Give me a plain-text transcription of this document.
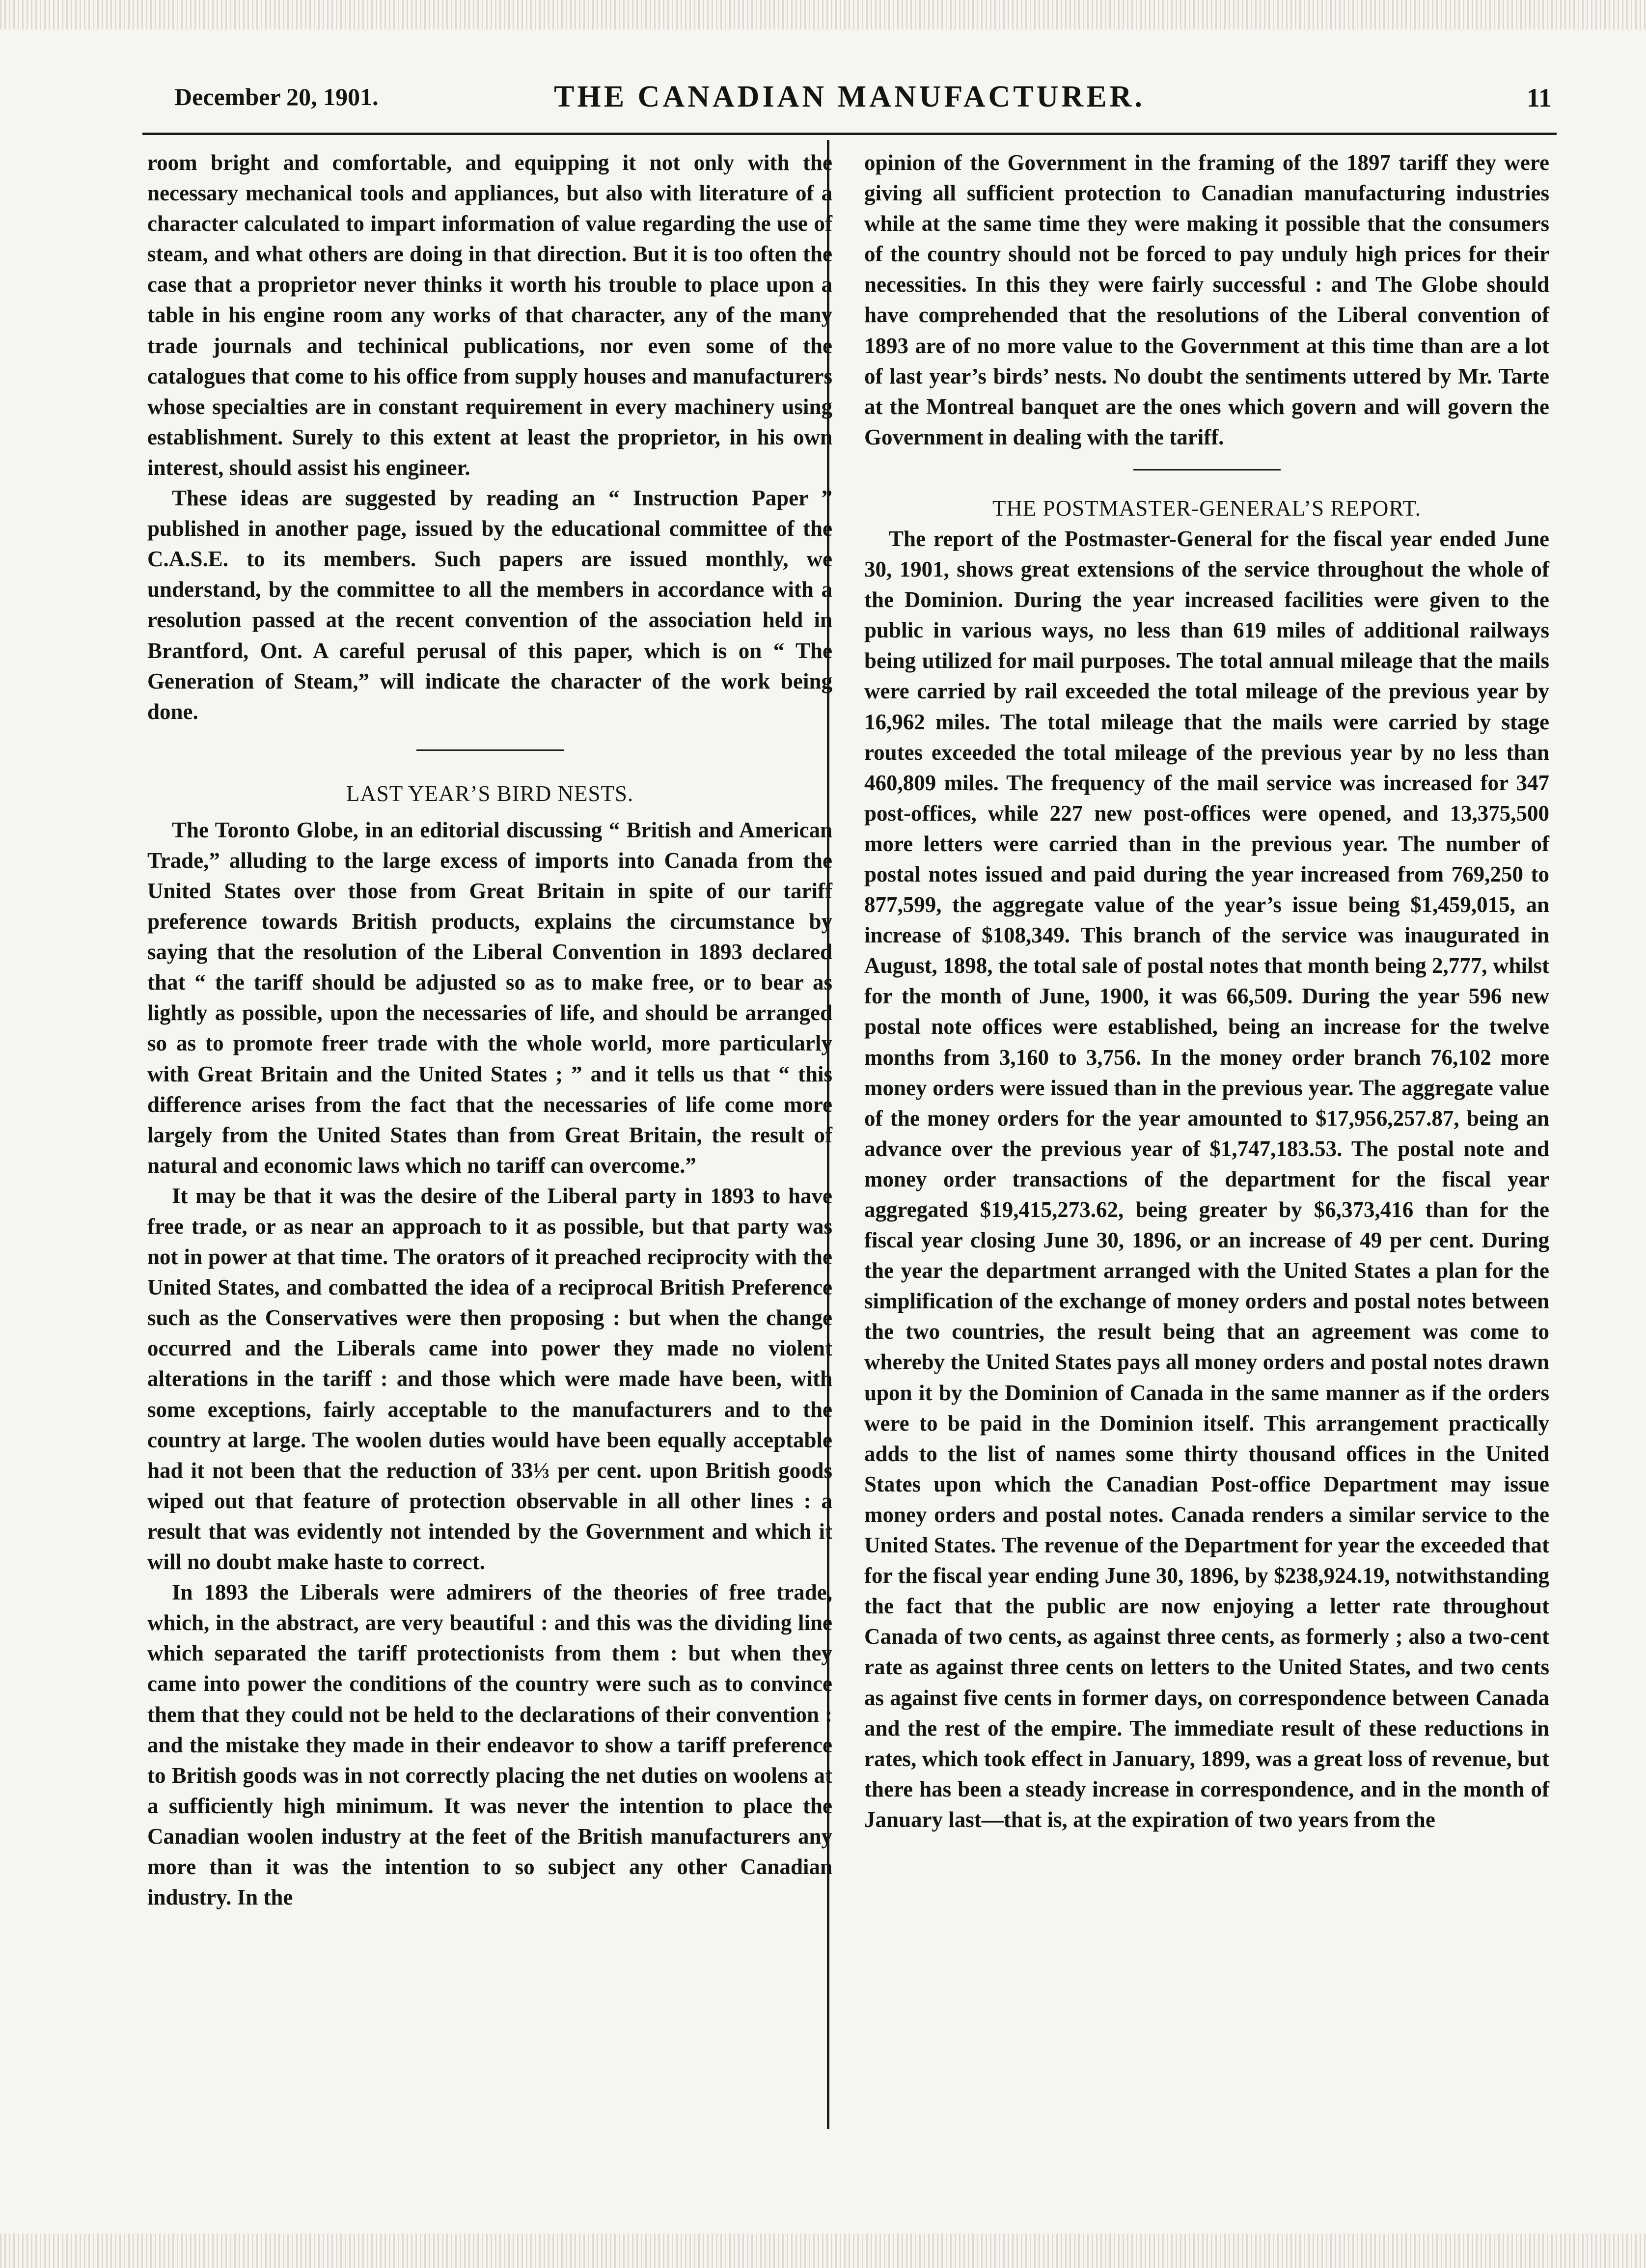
December 20, 1901.	THE CANADIAN MANUFACTURER.	11

room bright and comfortable, and equipping it not only with the necessary mechanical tools and appliances, but also with literature of a character calculated to impart information of value regarding the use of steam, and what others are doing in that direction. But it is too often the case that a proprietor never thinks it worth his trouble to place upon a table in his engine room any works of that character, any of the many trade journals and techinical publications, nor even some of the catalogues that come to his office from supply houses and manufacturers whose specialties are in constant requirement in every machinery using establishment. Surely to this extent at least the proprietor, in his own interest, should assist his engineer.

These ideas are suggested by reading an “ Instruction Paper ” published in another page, issued by the educational committee of the C.A.S.E. to its members. Such papers are issued monthly, we understand, by the committee to all the members in accordance with a resolution passed at the recent convention of the association held in Brantford, Ont. A careful perusal of this paper, which is on “ The Generation of Steam,” will indicate the character of the work being done.

LAST YEAR’S BIRD NESTS.

The Toronto Globe, in an editorial discussing “ British and American Trade,” alluding to the large excess of imports into Canada from the United States over those from Great Britain in spite of our tariff preference towards British products, explains the circumstance by saying that the resolution of the Liberal Convention in 1893 declared that “ the tariff should be adjusted so as to make free, or to bear as lightly as possible, upon the necessaries of life, and should be arranged so as to promote freer trade with the whole world, more particularly with Great Britain and the United States ; ” and it tells us that “ this difference arises from the fact that the necessaries of life come more largely from the United States than from Great Britain, the result of natural and economic laws which no tariff can overcome.”

It may be that it was the desire of the Liberal party in 1893 to have free trade, or as near an approach to it as possible, but that party was not in power at that time. The orators of it preached reciprocity with the United States, and combatted the idea of a reciprocal British Preference such as the Conservatives were then proposing : but when the change occurred and the Liberals came into power they made no violent alterations in the tariff : and those which were made have been, with some exceptions, fairly acceptable to the manufacturers and to the country at large. The woolen duties would have been equally acceptable had it not been that the reduction of 33⅓ per cent. upon British goods wiped out that feature of protection observable in all other lines : a result that was evidently not intended by the Government and which it will no doubt make haste to correct.

In 1893 the Liberals were admirers of the theories of free trade, which, in the abstract, are very beautiful : and this was the dividing line which separated the tariff protectionists from them : but when they came into power the conditions of the country were such as to convince them that they could not be held to the declarations of their convention : and the mistake they made in their endeavor to show a tariff preference to British goods was in not correctly placing the net duties on woolens at a sufficiently high minimum. It was never the intention to place the Canadian woolen industry at the feet of the British manufacturers any more than it was the intention to so subject any other Canadian industry. In the

opinion of the Government in the framing of the 1897 tariff they were giving all sufficient protection to Canadian manufacturing industries while at the same time they were making it possible that the consumers of the country should not be forced to pay unduly high prices for their necessities. In this they were fairly successful : and The Globe should have comprehended that the resolutions of the Liberal convention of 1893 are of no more value to the Government at this time than are a lot of last year’s birds’ nests. No doubt the sentiments uttered by Mr. Tarte at the Montreal banquet are the ones which govern and will govern the Government in dealing with the tariff.

THE POSTMASTER-GENERAL’S REPORT.

The report of the Postmaster-General for the fiscal year ended June 30, 1901, shows great extensions of the service throughout the whole of the Dominion. During the year increased facilities were given to the public in various ways, no less than 619 miles of additional railways being utilized for mail purposes. The total annual mileage that the mails were carried by rail exceeded the total mileage of the previous year by 16,962 miles. The total mileage that the mails were carried by stage routes exceeded the total mileage of the previous year by no less than 460,809 miles. The frequency of the mail service was increased for 347 post-offices, while 227 new post-offices were opened, and 13,375,500 more letters were carried than in the previous year. The number of postal notes issued and paid during the year increased from 769,250 to 877,599, the aggregate value of the year’s issue being $1,459,015, an increase of $108,349. This branch of the service was inaugurated in August, 1898, the total sale of postal notes that month being 2,777, whilst for the month of June, 1900, it was 66,509. During the year 596 new postal note offices were established, being an increase for the twelve months from 3,160 to 3,756. In the money order branch 76,102 more money orders were issued than in the previous year. The aggregate value of the money orders for the year amounted to $17,956,257.87, being an advance over the previous year of $1,747,183.53. The postal note and money order transactions of the department for the fiscal year aggregated $19,415,273.62, being greater by $6,373,416 than for the fiscal year closing June 30, 1896, or an increase of 49 per cent. During the year the department arranged with the United States a plan for the simplification of the exchange of money orders and postal notes between the two countries, the result being that an agreement was come to whereby the United States pays all money orders and postal notes drawn upon it by the Dominion of Canada in the same manner as if the orders were to be paid in the Dominion itself. This arrangement practically adds to the list of names some thirty thousand offices in the United States upon which the Canadian Post-office Department may issue money orders and postal notes. Canada renders a similar service to the United States. The revenue of the Department for year the exceeded that for the fiscal year ending June 30, 1896, by $238,924.19, notwithstanding the fact that the public are now enjoying a letter rate throughout Canada of two cents, as against three cents, as formerly ; also a two-cent rate as against three cents on letters to the United States, and two cents as against five cents in former days, on correspondence between Canada and the rest of the empire. The immediate result of these reductions in rates, which took effect in January, 1899, was a great loss of revenue, but there has been a steady increase in correspondence, and in the month of January last—that is, at the expiration of two years from the
